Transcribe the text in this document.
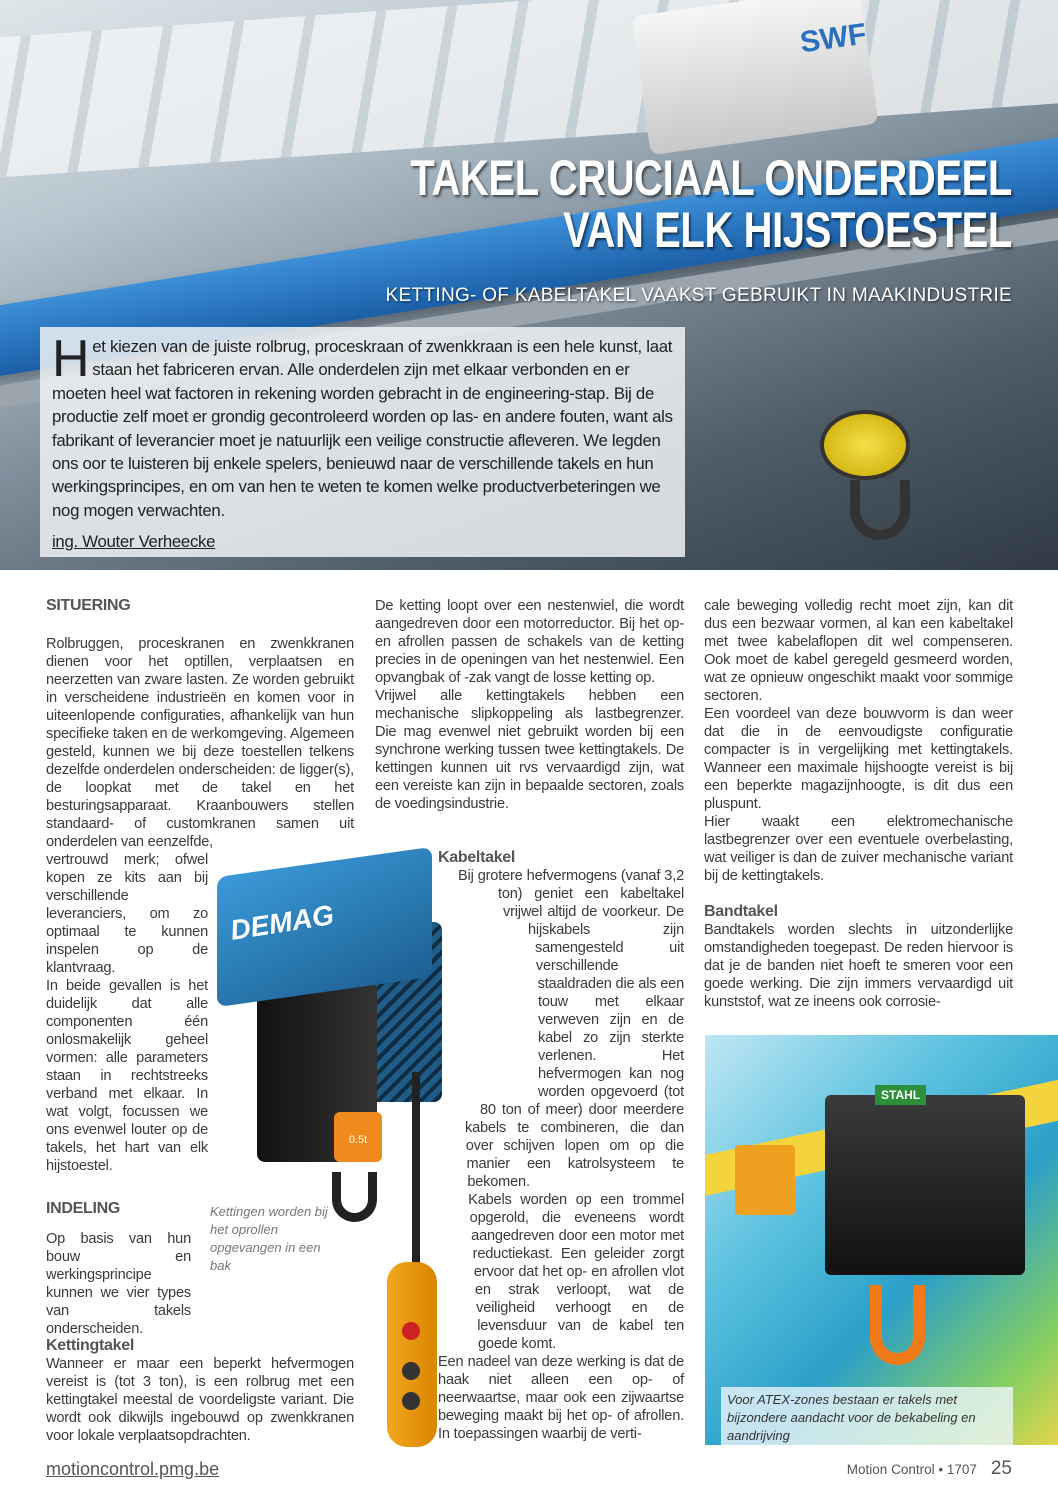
SWF
TAKEL CRUCIAAL ONDERDEEL
VAN ELK HIJSTOESTEL
KETTING- OF KABELTAKEL VAAKST GEBRUIKT IN MAAKINDUSTRIE
Het kiezen van de juiste rolbrug, proceskraan of zwenkkraan is een hele kunst, laat staan het fabriceren ervan. Alle onderdelen zijn met elkaar verbonden en er moeten heel wat factoren in rekening worden gebracht in de engineering-stap. Bij de productie zelf moet er grondig gecontroleerd worden op las- en andere fouten, want als fabrikant of leverancier moet je natuurlijk een veilige constructie afleveren. We legden ons oor te luisteren bij enkele spelers, benieuwd naar de verschillende takels en hun werkingsprincipes, en om van hen te weten te komen welke productverbeteringen we nog mogen verwachten.
ing. Wouter Verheecke
SITUERING

Rolbruggen, proceskranen en zwenkkranen dienen voor het optillen, verplaatsen en neerzetten van zware lasten. Ze worden gebruikt in verscheidene industrieën en komen voor in uiteenlopende configuraties, afhankelijk van hun specifieke taken en de werkomgeving. Algemeen gesteld, kunnen we bij deze toestellen telkens dezelfde onderdelen onderscheiden: de ligger(s), de loopkat met de takel en het besturingsapparaat. Kraanbouwers stellen standaard- of customkranen samen uit onderdelen van eenzelfde,

vertrouwd merk; ofwel kopen ze kits aan bij verschillende leveranciers, om zo optimaal te kunnen inspelen op de klantvraag.

In beide gevallen is het duidelijk dat alle componenten één onlosmakelijk geheel vormen: alle parameters staan in rechtstreeks verband met elkaar. In wat volgt, focussen we ons evenwel louter op de takels, het hart van elk hijstoestel.

INDELING

Op basis van hun bouw en werkingsprincipe kunnen we vier types van takels onderscheiden.

Kettingtakel

Wanneer er maar een beperkt hefvermogen vereist is (tot 3 ton), is een rolbrug met een kettingtakel meestal de voordeligste variant. Die wordt ook dikwijls ingebouwd op zwenkkranen voor lokale verplaatsopdrachten.

Kettingen worden bij het oprollen opgevangen in een bak

De ketting loopt over een nestenwiel, die wordt aangedreven door een motorreductor. Bij het op- en afrollen passen de schakels van de ketting precies in de openingen van het nestenwiel. Een opvangbak of -zak vangt de losse ketting op.

Vrijwel alle kettingtakels hebben een mechanische slipkoppeling als lastbegrenzer. Die mag evenwel niet gebruikt worden bij een synchrone werking tussen twee kettingtakels. De kettingen kunnen uit rvs vervaardigd zijn, wat een vereiste kan zijn in bepaalde sectoren, zoals de voedingsindustrie.

Kabeltakel

Bij grotere hefvermogens (vanaf 3,2 ton) geniet een kabeltakel vrijwel altijd de voorkeur. De hijskabels zijn samengesteld uit verschillende staaldraden die als een touw met elkaar verweven zijn en de kabel zo zijn sterkte verlenen. Het hefvermogen kan nog worden opgevoerd (tot 80 ton of meer) door meerdere kabels te combineren, die dan over schijven lopen om op die manier een katrolsysteem te bekomen.

Kabels worden op een trommel opgerold, die eveneens wordt aangedreven door een motor met reductiekast. Een geleider zorgt ervoor dat het op- en afrollen vlot en strak verloopt, wat de veiligheid verhoogt en de levensduur van de kabel ten goede komt.

Een nadeel van deze werking is dat de haak niet alleen een op- of neerwaartse, maar ook een zijwaartse beweging maakt bij het op- of afrollen. In toepassingen waarbij de verti-

DEMAG
0.5t

cale beweging volledig recht moet zijn, kan dit dus een bezwaar vormen, al kan een kabeltakel met twee kabelaflopen dit wel compenseren. Ook moet de kabel geregeld gesmeerd worden, wat ze opnieuw ongeschikt maakt voor sommige sectoren.

Een voordeel van deze bouwvorm is dan weer dat die in de eenvoudigste configuratie compacter is in vergelijking met kettingtakels. Wanneer een maximale hijshoogte vereist is bij een beperkte magazijnhoogte, is dit dus een pluspunt.

Hier waakt een elektromechanische lastbegrenzer over een eventuele overbelasting, wat veiliger is dan de zuiver mechanische variant bij de kettingtakels.

Bandtakel

Bandtakels worden slechts in uitzonderlijke omstandigheden toegepast. De reden hiervoor is dat je de banden niet hoeft te smeren voor een goede werking. Die zijn immers vervaardigd uit kunststof, wat ze ineens ook corrosie-

STAHL
Voor ATEX-zones bestaan er takels met bijzondere aandacht voor de bekabeling en aandrijving
motioncontrol.pmg.be	Motion Control • 1707 25
